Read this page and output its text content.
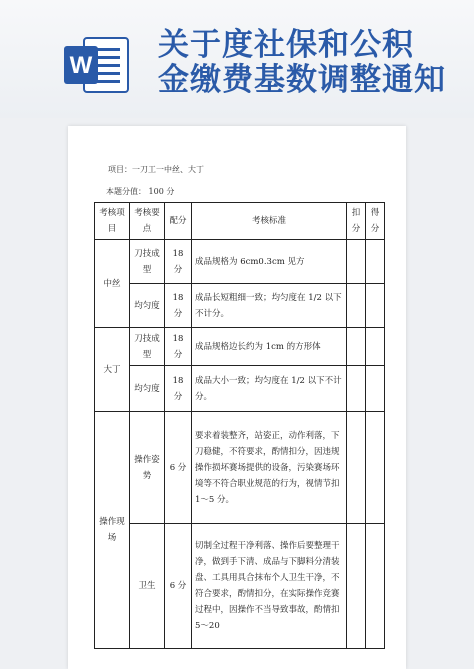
W
关于度社保和公积
金缴费基数调整通知
项目：一刀工一中丝、大丁
本题分值： 100 分
考核项目	考核要点	配分	考核标准	扣分	得分
中丝	刀技成型	18 分	成品规格为 6cm0.3cm 见方		
	均匀度	18 分	成品长短粗细一致；均匀度在 1/2 以下不计分。		
大丁	刀技成型	18 分	成品规格边长约为 1cm 的方形体		
	均匀度	18 分	成品大小一致；均匀度在 1/2 以下不计分。		
操作现场	操作姿势	6 分	要求着装整齐，站姿正，动作利落，下刀稳健，不符要求，酌情扣分，因违规操作损坏赛场提供的设备，污染赛场环境等不符合职业规范的行为，视情节扣 1～5 分。		
	卫生	6 分	切制全过程干净利落、操作后要整理干净，做到手下清、成品与下脚料分清装盘、工具用具合抹布个人卫生干净，不符合要求，酌情扣分，在实际操作竞赛过程中，因操作不当导致事故，酌情扣 5～20		
